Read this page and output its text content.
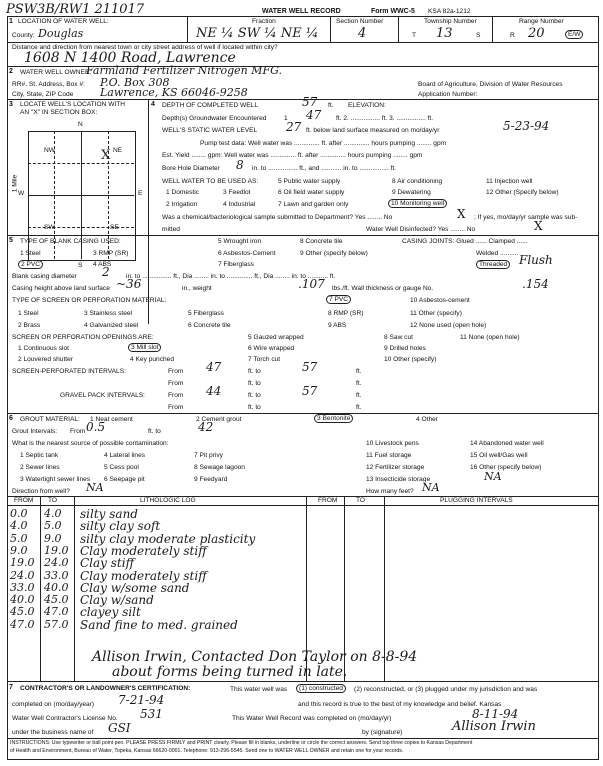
PSW3B/RW1 211017	WATER WELL RECORD	Form WWC-5 KSA 82a-1212
1 LOCATION OF WATER WELL:
County: Douglas
Fraction
NE ¼ SW ¼ NE ¼
Section Number
4
Township Number
T 13	S
Range Number
R 20	E/W
Distance and direction from nearest town or city street address of well if located within city?
1608 N 1400 Road, Lawrence
2 WATER WELL OWNER:
Farmland Fertilizer Nitrogen MFG.
RR#, St. Address, Box #: P.O. Box 308
City, State, ZIP Code Lawrence, KS 66046-9258
Board of Agriculture, Division of Water Resources
Application Number:
3 LOCATE WELL'S LOCATION WITH
AN "X" IN SECTION BOX:
N
S
W	E
1 Mile
NW	NE
SW	SE
X
4 DEPTH OF COMPLETED WELL	57 ft. ELEVATION:
Depth(s) Groundwater Encountered	1 47 ft. 2. ................ ft. 3. ................ ft.
WELL'S STATIC WATER LEVEL 27 ft. below land surface measured on mo/day/yr	5-23-94
Pump test data: Well water was .............. ft. after .............. hours pumping ........ gpm
Est. Yield ........ gpm: Well water was .............. ft. after .............. hours pumping ........ gpm
Bore Hole Diameter 8 in. to ................ ft., and ........... in. to ................ ft.
WELL WATER TO BE USED AS:
1 Domestic	3 Feedlot
5 Public water supply	8 Air conditioning	11 Injection well
2 Irrigation	4 Industrial
6 Oil field water supply	9 Dewatering	12 Other (Specify below)
7 Lawn and garden only	10 Monitoring well
Was a chemical/bacteriological sample submitted to Department? Yes ........ No	X ; If yes, mo/day/yr sample was sub-
mitted	Water Well Disinfected? Yes ........ No	X
5 TYPE OF BLANK CASING USED:
1 Steel	3 RMP (SR)
5 Wrought iron	8 Concrete tile
2 PVC	4 ABS
6 Asbestos-Cement	9 Other (specify below)
7 Fiberglass
CASING JOINTS: Glued ...... Clamped ......
Welded ..........
Threaded Flush
Blank casing diameter 2 in. to ................ ft., Dia ........ in. to .............. ft., Dia ........ in. to ........... ft.
Casing height above land surface ~36	in., weight	.107 lbs./ft. Wall thickness or gauge No.	.154
TYPE OF SCREEN OR PERFORATION MATERIAL:
1 Steel	3 Stainless steel	5 Fiberglass
7 PVC	10 Asbestos-cement
2 Brass	4 Galvanized steel	6 Concrete tile
8 RMP (SR)	11 Other (specify)
9 ABS	12 None used (open hole)
SCREEN OR PERFORATION OPENINGS ARE:	5 Gauzed wrapped	8 Saw cut	11 None (open hole)
1 Continuous slot	3 Mill slot	6 Wire wrapped	9 Drilled holes
2 Louvered shutter	4 Key punched	7 Torch cut	10 Other (specify)
SCREEN-PERFORATED INTERVALS:	From 47	ft. to	57	ft.
From	ft. to	ft.
GRAVEL PACK INTERVALS:	From 44	ft. to	57	ft.
From	ft. to	ft.
6 GROUT MATERIAL: 1 Neat cement	2 Cement grout	3 Bentonite	4 Other
Grout Intervals: From 0.5	ft. to	42
What is the nearest source of possible contamination:
1 Septic tank	4 Lateral lines	7 Pit privy
10 Livestock pens	14 Abandoned water well
2 Sewer lines	5 Cess pool	8 Sewage lagoon
11 Fuel storage	15 Oil well/Gas well
3 Watertight sewer lines 6 Seepage pit	9 Feedyard
12 Fertilizer storage	16 Other (specify below)
13 Insecticide storage	NA
Direction from well? NA	How many feet? NA
FROM TO	LITHOLOGIC LOG	FROM	TO	PLUGGING INTERVALS
0.0 4.0 silty sand
4.0 5.0 silty clay soft
5.0 9.0 silty clay moderate plasticity
9.0 19.0 Clay moderately stiff
19.0 24.0 Clay stiff
24.0 33.0 Clay moderately stiff
33.0 40.0 Clay w/some sand
40.0 45.0 Clay w/sand
45.0 47.0 clayey silt
47.0 57.0 Sand fine to med. grained
Allison Irwin, Contacted Don Taylor on 8-8-94
about forms being turned in late.
7 CONTRACTOR'S OR LANDOWNER'S CERTIFICATION:	This water well was	(1) constructed	(2) reconstructed, or (3) plugged under my jurisdiction and was
completed on (mo/day/year) 7-21-94	and this record is true to the best of my knowledge and belief. Kansas
Water Well Contractor's License No. 531	This Water Well Record was completed on (mo/day/yr)	8-11-94
under the business name of GSI	by (signature)	Allison Irwin
INSTRUCTIONS: Use typewriter or ball point pen. PLEASE PRESS FIRMLY and PRINT clearly. Please fill in blanks, underline or circle the correct answers. Send top three copies to Kansas Department
of Health and Environment, Bureau of Water, Topeka, Kansas 66620-0001. Telephone: 913-296-5545. Send one to WATER WELL OWNER and retain one for your records.
